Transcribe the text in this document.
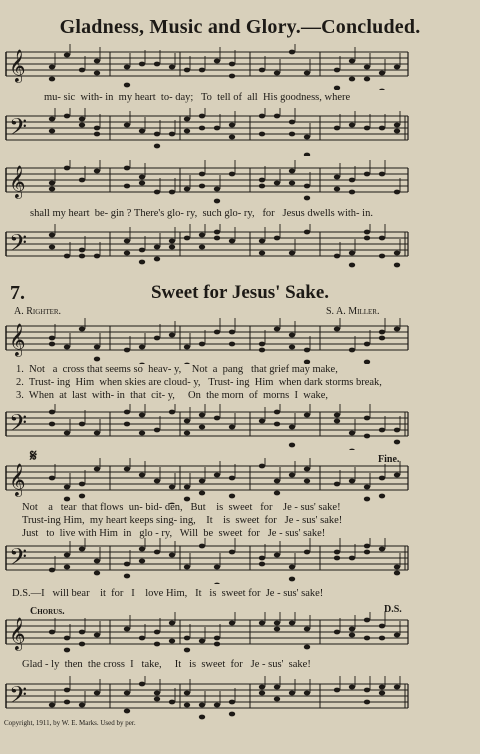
Gladness, Music and Glory.—Concluded.
𝄞
mu- sic  with- in  my heart  to- day;   To  tell of  all  His goodness, where
𝄢
𝄞
shall my heart  be- gin ? There's glo- ry,  such glo- ry,   for   Jesus dwells with- in.
𝄢
7.	Sweet for Jesus' Sake.
A. Righter.	S. A. Miller.
𝄞
1.  Not   a  cross that seems so  heav- y,    Not  a  pang   that grief may make,
2.  Trust- ing  Him  when skies are cloud- y,   Trust- ing  Him  when dark storms break,
3.  When  at  last  with- in  that  cit- y,     On  the morn  of  morns  I  wake,
𝄢
𝄋	Fine.
𝄞
Not    a   tear  that flows  un- bid- den,   But    is  sweet   for    Je - sus' sake!
Trust-ing Him,  my heart keeps sing- ing,    It    is  sweet  for   Je - sus' sake!
Just   to  live with Him  in   glo - ry,   Will  be  sweet  for   Je - sus' sake!
𝄢
D.S.—I   will bear    it  for   I    love Him,   It   is  sweet for  Je - sus' sake!
Chorus.	D.S.
𝄞
Glad - ly  then  the cross  I   take,     It   is  sweet  for   Je - sus'  sake!
𝄢
Copyright, 1911, by W. E. Marks. Used by per.
